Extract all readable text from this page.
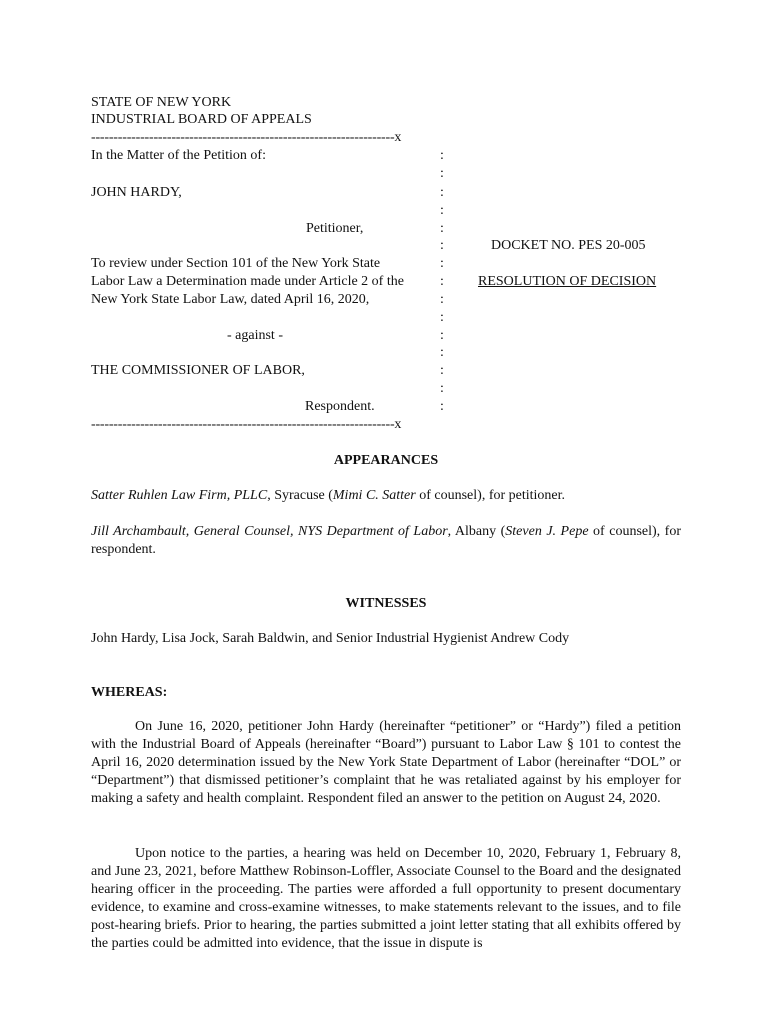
STATE OF NEW YORK
INDUSTRIAL BOARD OF APPEALS
--------------------------------------------------------------------x
In the Matter of the Petition of:
JOHN HARDY,
Petitioner,
To review under Section 101 of the New York State
Labor Law a Determination made under Article 2 of the
New York State Labor Law, dated April 16, 2020,
- against -
THE COMMISSIONER OF LABOR,
Respondent.
--------------------------------------------------------------------x
:
:
:
:
:
:
:
:
:
:
:
:
:
:
:
DOCKET NO. PES 20-005
RESOLUTION OF DECISION
APPEARANCES
Satter Ruhlen Law Firm, PLLC, Syracuse (Mimi C. Satter of counsel), for petitioner.
Jill Archambault, General Counsel, NYS Department of Labor, Albany (Steven J. Pepe of counsel), for respondent.
WITNESSES
John Hardy, Lisa Jock, Sarah Baldwin, and Senior Industrial Hygienist Andrew Cody
WHEREAS:
On June 16, 2020, petitioner John Hardy (hereinafter “petitioner” or “Hardy”) filed a petition with the Industrial Board of Appeals (hereinafter “Board”) pursuant to Labor Law § 101 to contest the April 16, 2020 determination issued by the New York State Department of Labor (hereinafter “DOL” or “Department”) that dismissed petitioner’s complaint that he was retaliated against by his employer for making a safety and health complaint. Respondent filed an answer to the petition on August 24, 2020.
Upon notice to the parties, a hearing was held on December 10, 2020, February 1, February 8, and June 23, 2021, before Matthew Robinson-Loffler, Associate Counsel to the Board and the designated hearing officer in the proceeding. The parties were afforded a full opportunity to present documentary evidence, to examine and cross-examine witnesses, to make statements relevant to the issues, and to file post-hearing briefs. Prior to hearing, the parties submitted a joint letter stating that all exhibits offered by the parties could be admitted into evidence, that the issue in dispute is
